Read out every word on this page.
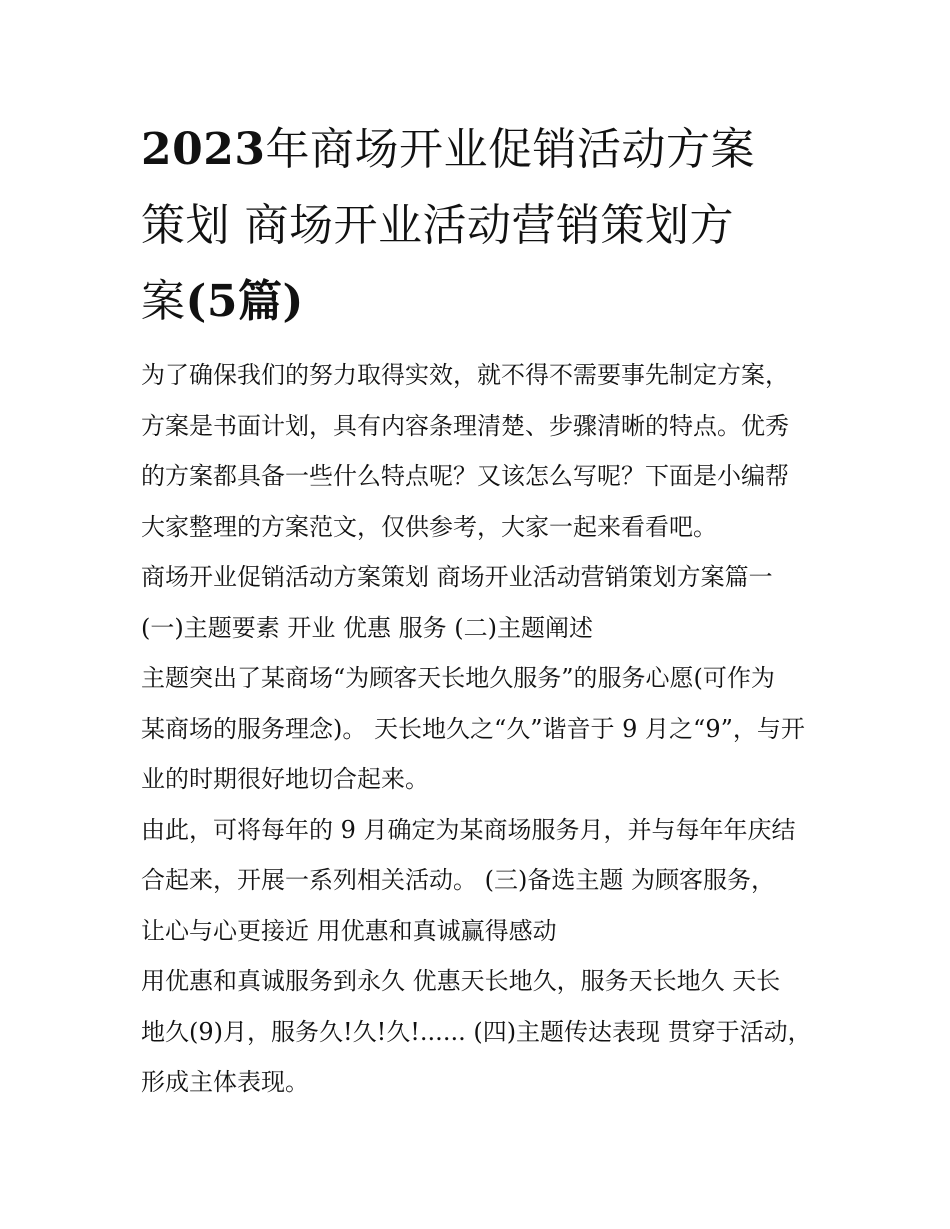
2023年商场开业促销活动方案
策划 商场开业活动营销策划方
案(5篇)
为了确保我们的努力取得实效，就不得不需要事先制定方案，
方案是书面计划，具有内容条理清楚、步骤清晰的特点。优秀
的方案都具备一些什么特点呢？又该怎么写呢？下面是小编帮
大家整理的方案范文，仅供参考，大家一起来看看吧。
商场开业促销活动方案策划 商场开业活动营销策划方案篇一
(一)主题要素 开业 优惠 服务 (二)主题阐述
主题突出了某商场“为顾客天长地久服务”的服务心愿(可作为
某商场的服务理念)。 天长地久之“久”谐音于 9 月之“9”，与开
业的时期很好地切合起来。
由此，可将每年的 9 月确定为某商场服务月，并与每年年庆结
合起来，开展一系列相关活动。 (三)备选主题 为顾客服务，
让心与心更接近 用优惠和真诚赢得感动
用优惠和真诚服务到永久 优惠天长地久，服务天长地久 天长
地久(9)月，服务久!久!久!...... (四)主题传达表现 贯穿于活动，
形成主体表现。
